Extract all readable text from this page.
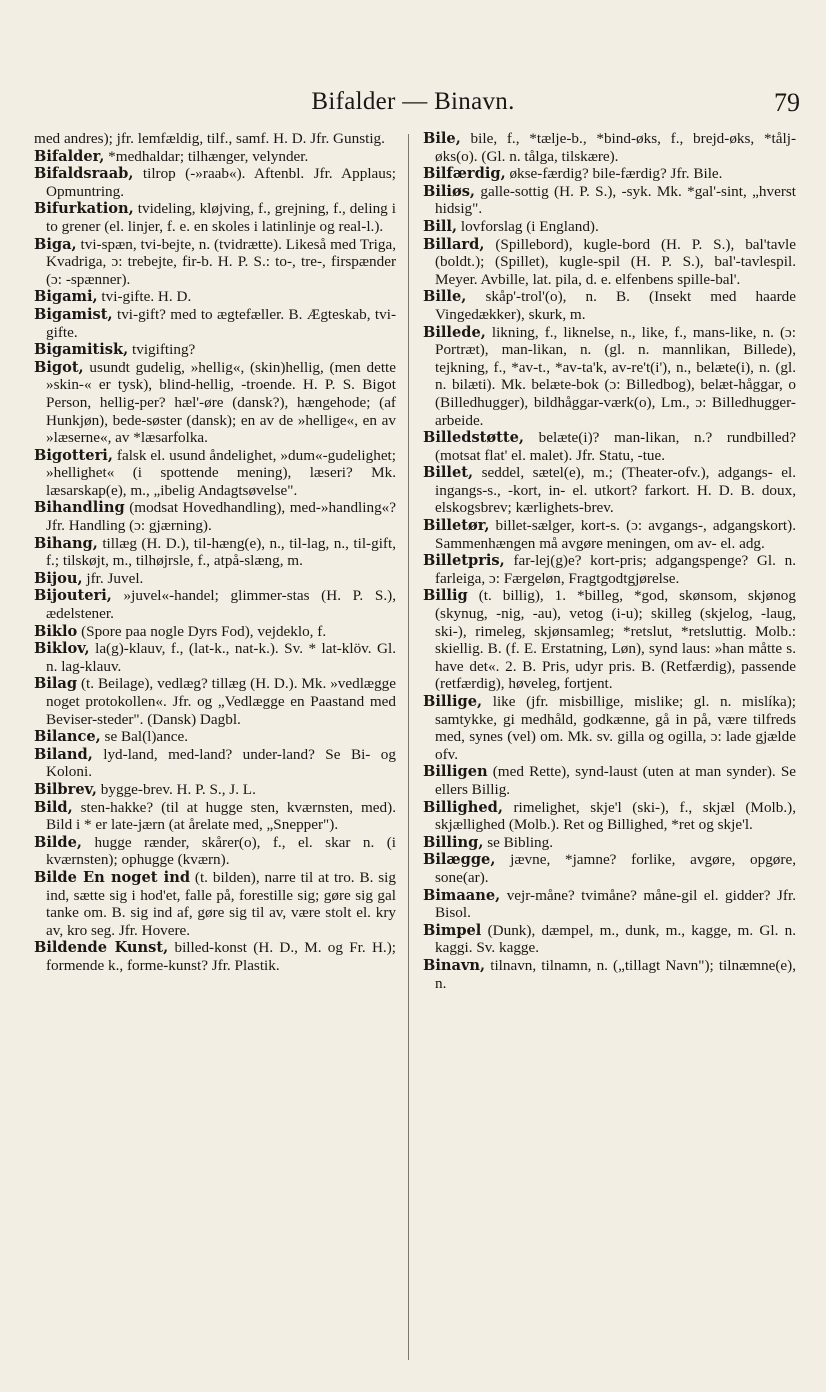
Bifalder — Binavn.	79

med andres); jfr. lemfældig, tilf., samf. H. D. Jfr. Gunstig.

Bifalder, *medhaldar; tilhænger, velynder.

Bifaldsraab, tilrop (-»raab«). Aftenbl. Jfr. Applaus; Opmuntring.

Bifurkation, tvideling, kløjving, f., grejning, f., deling i to grener (el. linjer, f. e. en skoles i latinlinje og real-l.).

Biga, tvi-spæn, tvi-bejte, n. (tvidrætte). Likeså med Triga, Kvadriga, ɔ: trebejte, fir-b. H. P. S.: to-, tre-, firspænder (ɔ: -spænner).

Bigami, tvi-gifte. H. D.

Bigamist, tvi-gift? med to ægtefæller. B. Ægteskab, tvi-gifte.

Bigamitisk, tvigifting?

Bigot, usundt gudelig, »hellig«, (skin)hellig, (men dette »skin-« er tysk), blind-hellig, -troende. H. P. S. Bigot Person, hellig-per? hæl'-øre (dansk?), hængehode; (af Hunkjøn), bede-søster (dansk); en av de »hellige«, en av »læserne«, av *læsarfolka.

Bigotteri, falsk el. usund åndelighet, »dum«-gudelighet; »hellighet« (i spottende mening), læseri? Mk. læsarskap(e), m., „ibelig Andagtsøvelse".

Bihandling (modsat Hovedhandling), med-»handling«? Jfr. Handling (ɔ: gjærning).

Bihang, tillæg (H. D.), til-hæng(e), n., til-lag, n., til-gift, f.; tilskøjt, m., tilhøjrsle, f., atpå-slæng, m.

Bijou, jfr. Juvel.

Bijouteri, »juvel«-handel; glimmer-stas (H. P. S.), ædelstener.

Biklo (Spore paa nogle Dyrs Fod), vejdeklo, f.

Biklov, la(g)-klauv, f., (lat-k., nat-k.). Sv. * lat-klöv. Gl. n. lag-klauv.

Bilag (t. Beilage), vedlæg? tillæg (H. D.). Mk. »vedlægge noget protokollen«. Jfr. og „Vedlægge en Paastand med Beviser-steder". (Dansk) Dagbl.

Bilance, se Bal(l)ance.

Biland, lyd-land, med-land? under-land? Se Bi- og Koloni.

Bilbrev, bygge-brev. H. P. S., J. L.

Bild, sten-hakke? (til at hugge sten, kværnsten, med). Bild i * er late-jærn (at årelate med, „Snepper").

Bilde, hugge rænder, skårer(o), f., el. skar n. (i kværnsten); ophugge (kværn).

Bilde En noget ind (t. bilden), narre til at tro. B. sig ind, sætte sig i hod'et, falle på, forestille sig; gøre sig gal tanke om. B. sig ind af, gøre sig til av, være stolt el. kry av, kro seg. Jfr. Hovere.

Bildende Kunst, billed-konst (H. D., M. og Fr. H.); formende k., forme-kunst? Jfr. Plastik.

Bile, bile, f., *tælje-b., *bind-øks, f., brejd-øks, *tålj-øks(o). (Gl. n. tålga, tilskære).

Bilfærdig, økse-færdig? bile-færdig? Jfr. Bile.

Biliøs, galle-sottig (H. P. S.), -syk. Mk. *gal'-sint, „hverst hidsig".

Bill, lovforslag (i England).

Billard, (Spillebord), kugle-bord (H. P. S.), bal'tavle (boldt.); (Spillet), kugle-spil (H. P. S.), bal'-tavlespil. Meyer. Avbille, lat. pila, d. e. elfenbens spille-bal'.

Bille, skåp'-trol'(o), n. B. (Insekt med haarde Vingedækker), skurk, m.

Billede, likning, f., liknelse, n., like, f., mans-like, n. (ɔ: Portræt), man-likan, n. (gl. n. mannlikan, Billede), tejkning, f., *av-t., *av-ta'k, av-re't(i'), n., belæte(i), n. (gl. n. bilæti). Mk. belæte-bok (ɔ: Billedbog), belæt-håggar, o (Billedhugger), bildhåggar-værk(o), Lm., ɔ: Billedhugger-arbeide.

Billedstøtte, belæte(i)? man-likan, n.? rundbilled? (motsat flat' el. malet). Jfr. Statu, -tue.

Billet, seddel, sætel(e), m.; (Theater-ofv.), adgangs- el. ingangs-s., -kort, in- el. utkort? farkort. H. D. B. doux, elskogsbrev; kærlighets-brev.

Billetør, billet-sælger, kort-s. (ɔ: avgangs-, adgangskort). Sammenhængen må avgøre meningen, om av- el. adg.

Billetpris, far-lej(g)e? kort-pris; adgangspenge? Gl. n. farleiga, ɔ: Færgeløn, Fragtgodtgjørelse.

Billig (t. billig), 1. *billeg, *god, skønsom, skjønog (skynug, -nig, -au), vetog (i-u); skilleg (skjelog, -laug, ski-), rimeleg, skjønsamleg; *retslut, *retsluttig. Molb.: skiellig. B. (f. E. Erstatning, Løn), synd laus: »han måtte s. have det«. 2. B. Pris, udyr pris. B. (Retfærdig), passende (retfærdig), høveleg, fortjent.

Billige, like (jfr. misbillige, mislike; gl. n. mislíka); samtykke, gi medhåld, godkænne, gå in på, være tilfreds med, synes (vel) om. Mk. sv. gilla og ogilla, ɔ: lade gjælde ofv.

Billigen (med Rette), synd-laust (uten at man synder). Se ellers Billig.

Billighed, rimelighet, skje'l (ski-), f., skjæl (Molb.), skjællighed (Molb.). Ret og Billighed, *ret og skje'l.

Billing, se Bibling.

Bilægge, jævne, *jamne? forlike, avgøre, opgøre, sone(ar).

Bimaane, vejr-måne? tvimåne? måne-gil el. gidder? Jfr. Bisol.

Bimpel (Dunk), dæmpel, m., dunk, m., kagge, m. Gl. n. kaggi. Sv. kagge.

Binavn, tilnavn, tilnamn, n. („tillagt Navn"); tilnæmne(e), n.
